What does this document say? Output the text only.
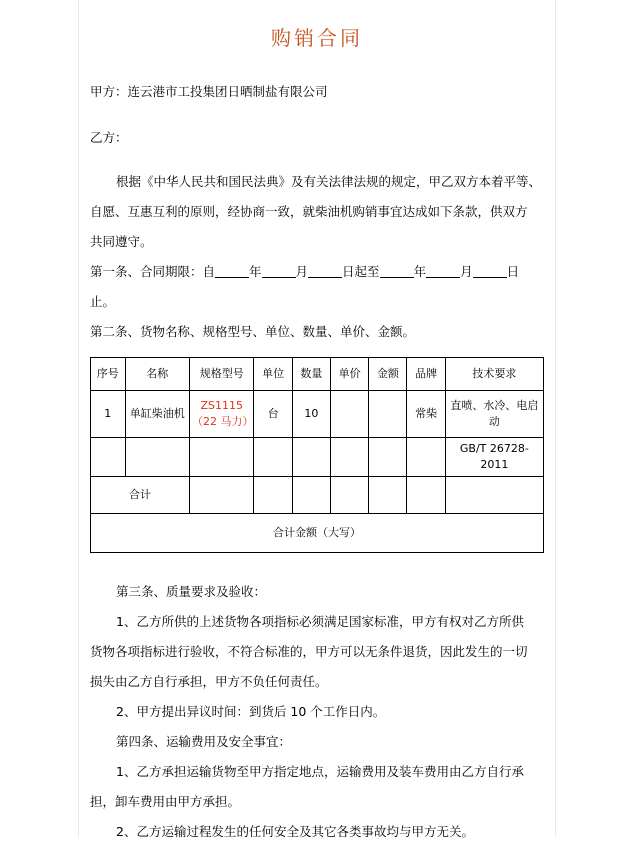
购销合同

甲方：连云港市工投集团日晒制盐有限公司

乙方：

根据《中华人民共和国民法典》及有关法律法规的规定，甲乙双方本着平等、

自愿、互惠互利的原则，经协商一致，就柴油机购销事宜达成如下条款，供双方

共同遵守。

第一条、合同期限：自	年	月	日起至	年	月	日止。

第二条、货物名称、规格型号、单位、数量、单价、金额。

序号	名称	规格型号	单位	数量	单价	金额	品牌	技术要求
1	单缸柴油机	ZS1115（22 马力）	台	10			常柴	直喷、水冷、电启动
								GB/T 26728-2011
合计								
合计金额（大写）								

第三条、质量要求及验收：

1、乙方所供的上述货物各项指标必须满足国家标准，甲方有权对乙方所供

货物各项指标进行验收，不符合标准的，甲方可以无条件退货，因此发生的一切

损失由乙方自行承担，甲方不负任何责任。

2、甲方提出异议时间：到货后 10 个工作日内。

第四条、运输费用及安全事宜：

1、乙方承担运输货物至甲方指定地点，运输费用及装车费用由乙方自行承

担，卸车费用由甲方承担。

2、乙方运输过程发生的任何安全及其它各类事故均与甲方无关。
